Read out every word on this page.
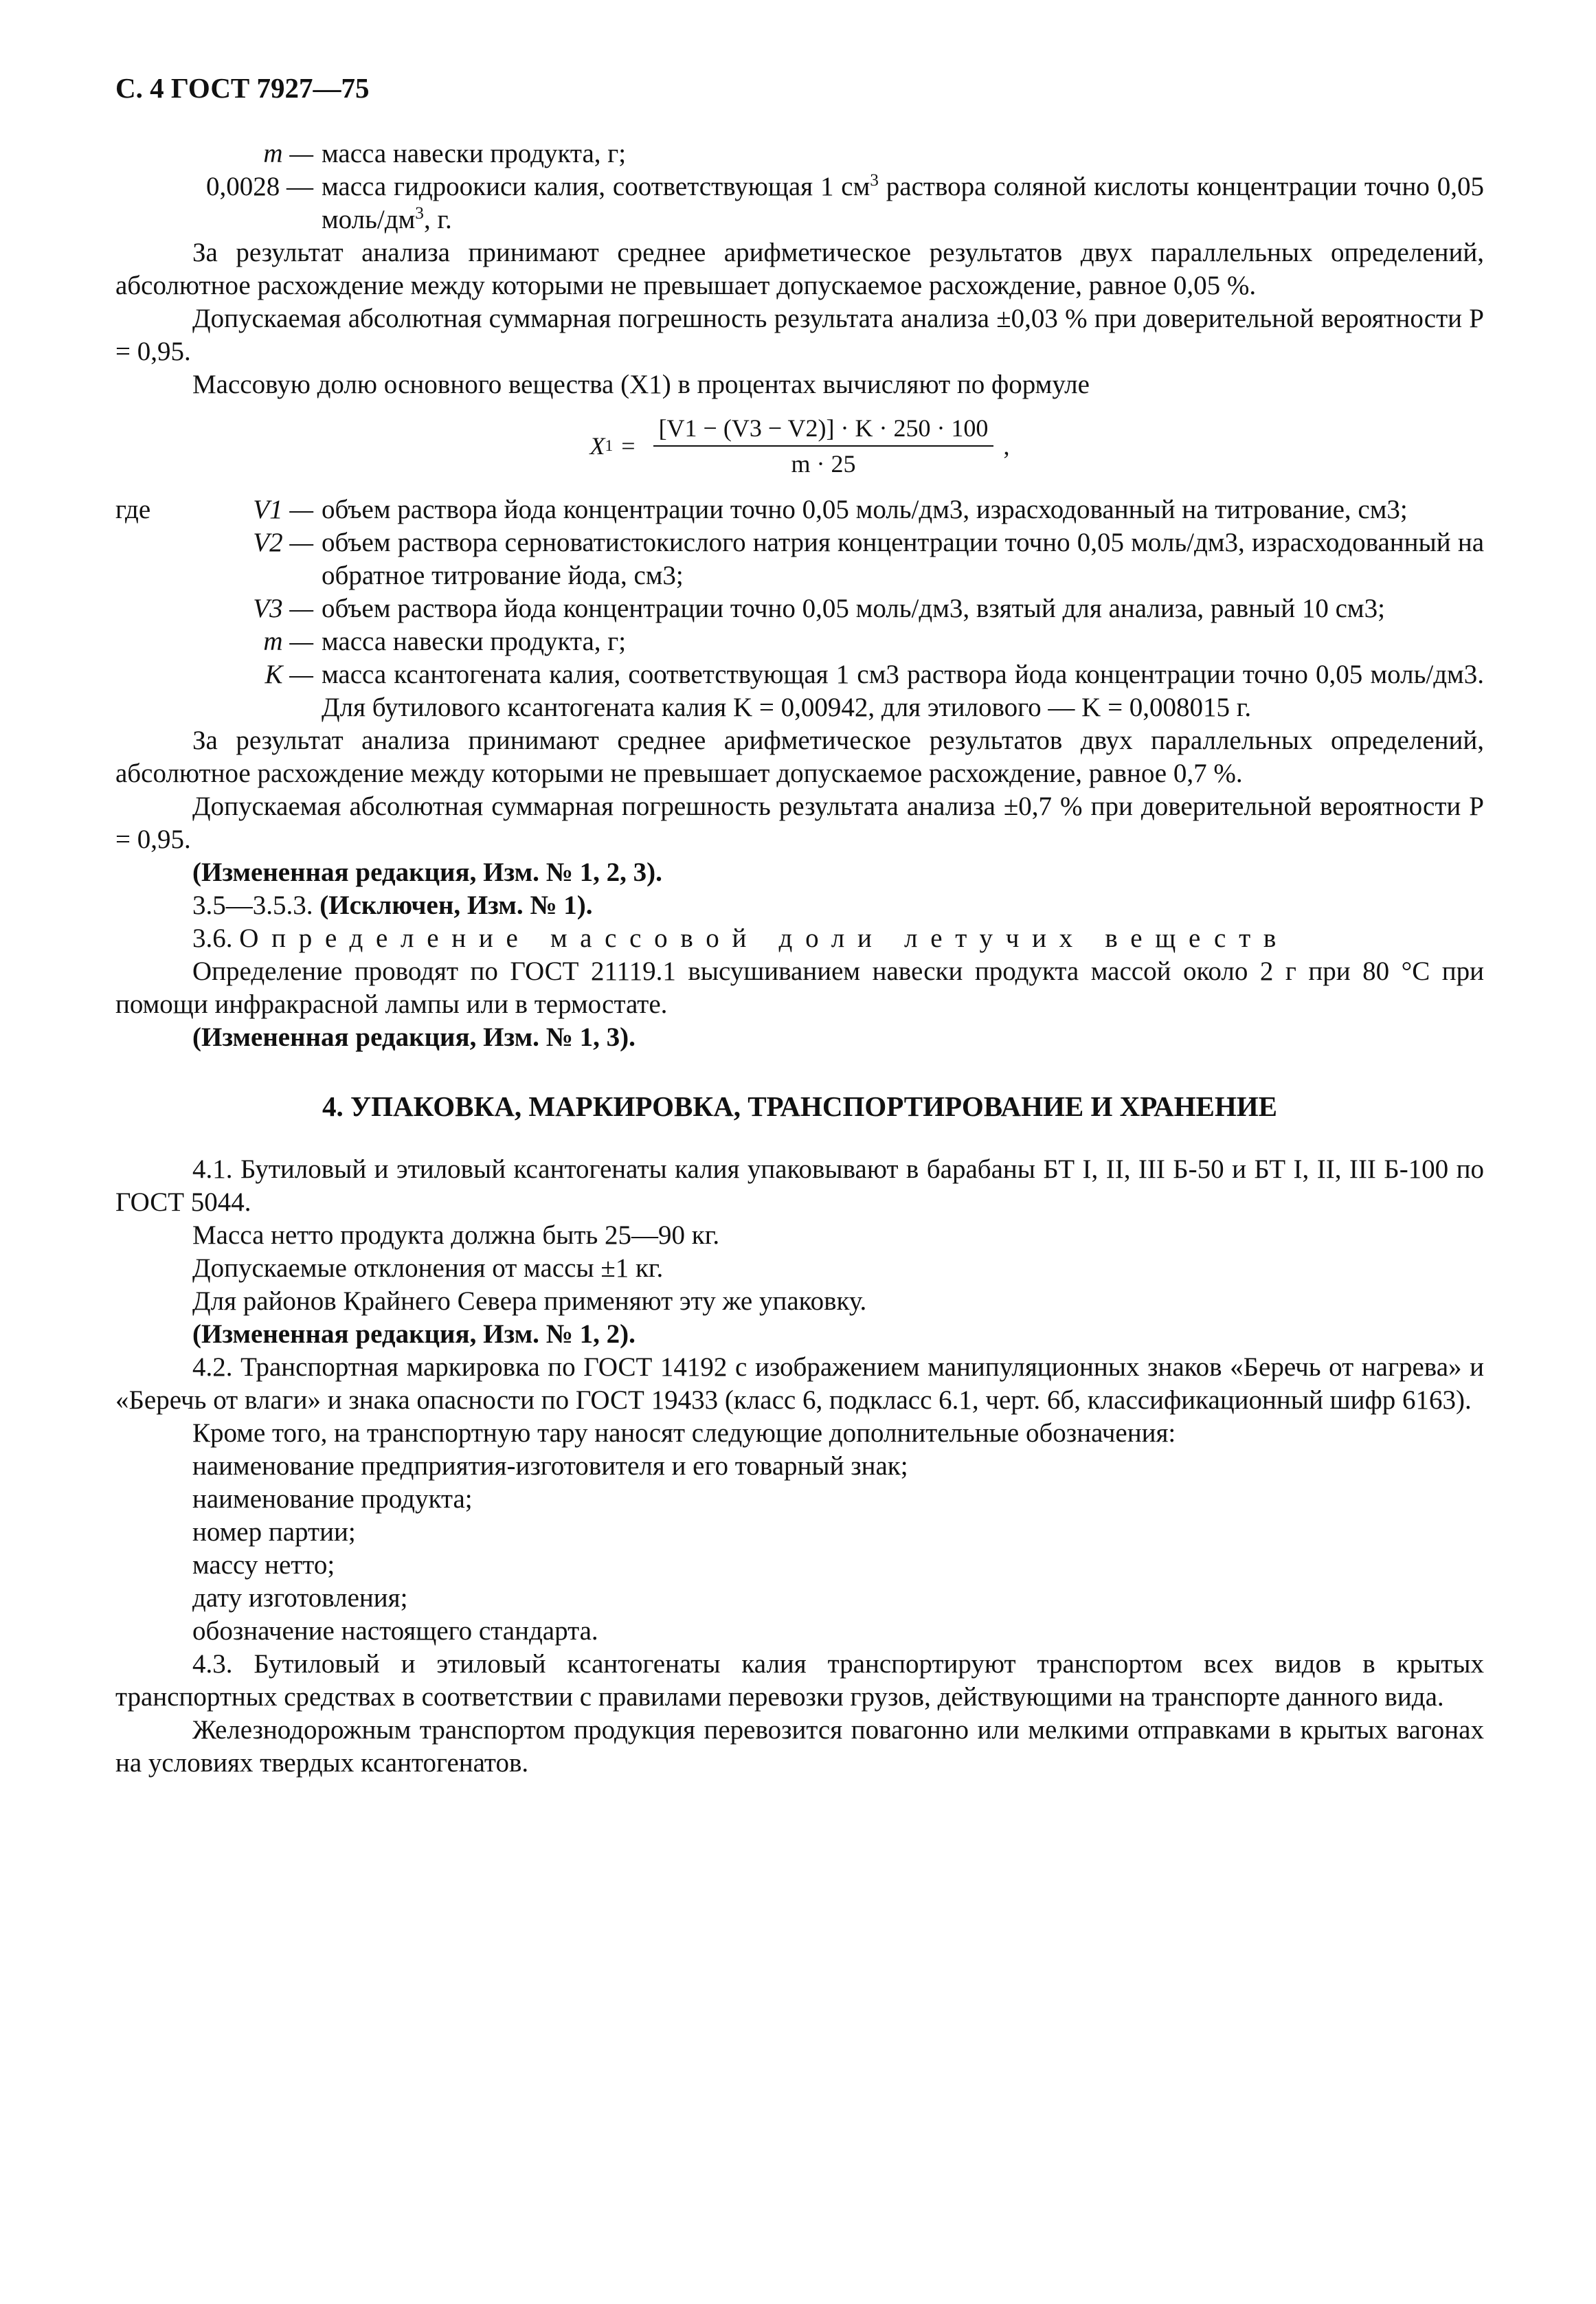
С. 4 ГОСТ 7927—75
m — масса навески продукта, г;
0,0028 — масса гидроокиси калия, соответствующая 1 $см^3$ раствора соляной кислоты концентрации точно 0,05 моль/$дм^3$, г.
За результат анализа принимают среднее арифметическое результатов двух параллельных определений, абсолютное расхождение между которыми не превышает допускаемое расхождение, равное 0,05 %.
Допускаемая абсолютная суммарная погрешность результата анализа ±0,03 % при доверительной вероятности P = 0,95.
Массовую долю основного вещества (X1) в процентах вычисляют по формуле
X $1 = \frac{[V1 - (V3 - V2)] \cdot K \cdot 250 \cdot 100}{m \cdot 25}$ ,
где	V1 — объем раствора йода концентрации точно 0,05 моль/дм3, израсходованный на титрование, см3;
V2 — объем раствора серноватистокислого натрия концентрации точно 0,05 моль/дм3, израсходованный на обратное титрование йода, см3;
V3 — объем раствора йода концентрации точно 0,05 моль/дм3, взятый для анализа, равный 10 см3;
m — масса навески продукта, г;
K — масса ксантогената калия, соответствующая 1 см3 раствора йода концентрации точно 0,05 моль/дм3. Для бутилового ксантогената калия K = 0,00942, для этилового — K = 0,008015 г.
За результат анализа принимают среднее арифметическое результатов двух параллельных определений, абсолютное расхождение между которыми не превышает допускаемое расхождение, равное 0,7 %.
Допускаемая абсолютная суммарная погрешность результата анализа ±0,7 % при доверительной вероятности P = 0,95.
(Измененная редакция, Изм. № 1, 2, 3).
3.5—3.5.3. (Исключен, Изм. № 1).
3.6. Определение массовой доли летучих веществ
Определение проводят по ГОСТ 21119.1 высушиванием навески продукта массой около 2 г при 80 °С при помощи инфракрасной лампы или в термостате.
(Измененная редакция, Изм. № 1, 3).
4. УПАКОВКА, МАРКИРОВКА, ТРАНСПОРТИРОВАНИЕ И ХРАНЕНИЕ
4.1. Бутиловый и этиловый ксантогенаты калия упаковывают в барабаны БТ I, II, III Б-50 и БТ I, II, III Б-100 по ГОСТ 5044.
Масса нетто продукта должна быть 25—90 кг.
Допускаемые отклонения от массы ±1 кг.
Для районов Крайнего Севера применяют эту же упаковку.
(Измененная редакция, Изм. № 1, 2).
4.2. Транспортная маркировка по ГОСТ 14192 с изображением манипуляционных знаков «Беречь от нагрева» и «Беречь от влаги» и знака опасности по ГОСТ 19433 (класс 6, подкласс 6.1, черт. 6б, классификационный шифр 6163).
Кроме того, на транспортную тару наносят следующие дополнительные обозначения:
наименование предприятия-изготовителя и его товарный знак;
наименование продукта;
номер партии;
массу нетто;
дату изготовления;
обозначение настоящего стандарта.
4.3. Бутиловый и этиловый ксантогенаты калия транспортируют транспортом всех видов в крытых транспортных средствах в соответствии с правилами перевозки грузов, действующими на транспорте данного вида.
Железнодорожным транспортом продукция перевозится повагонно или мелкими отправками в крытых вагонах на условиях твердых ксантогенатов.
